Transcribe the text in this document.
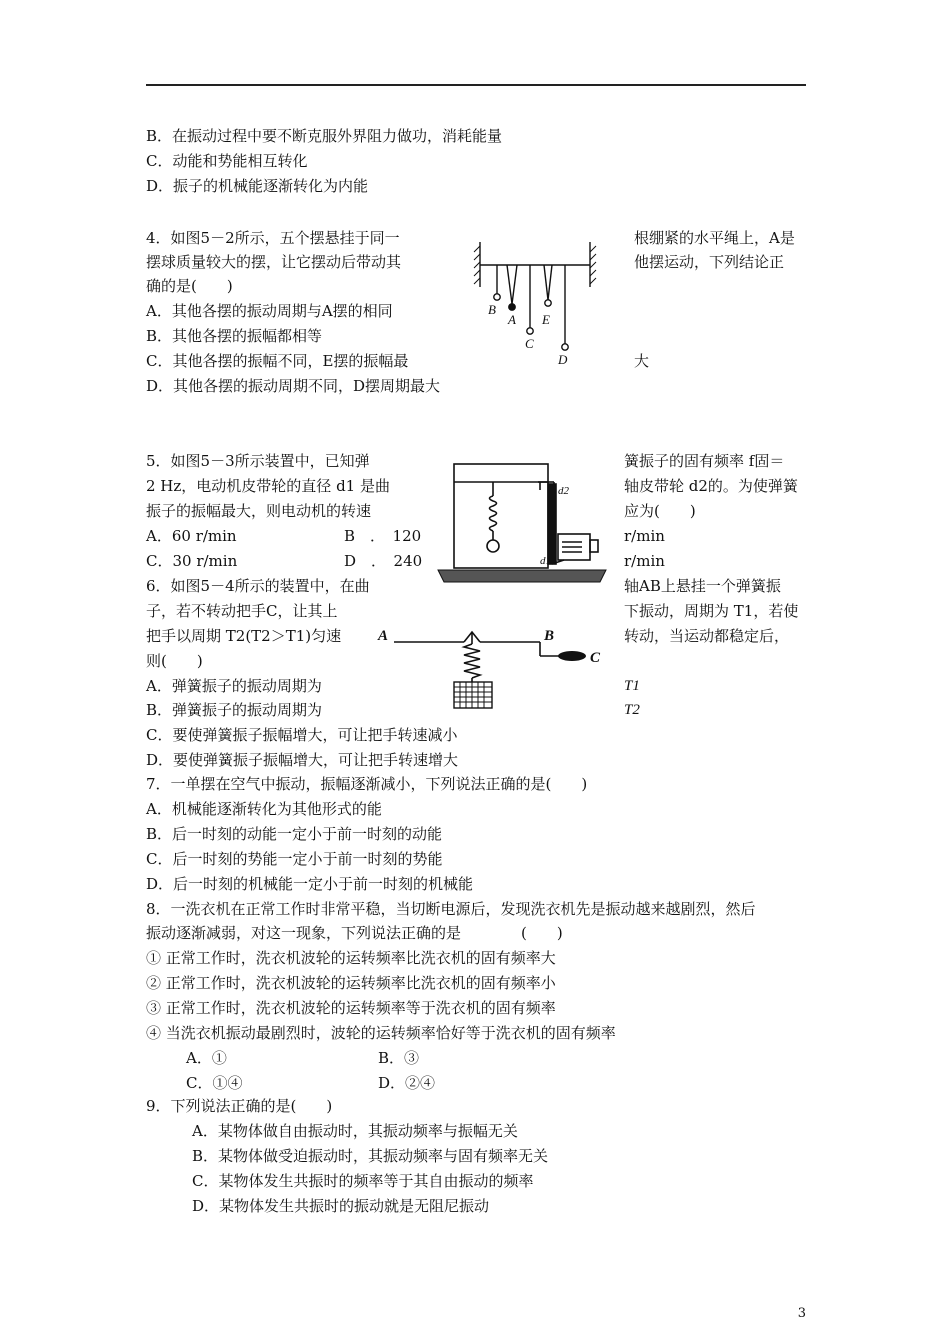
B．在振动过程中要不断克服外界阻力做功，消耗能量
C．动能和势能相互转化
D．振子的机械能逐渐转化为内能
4．如图5－2所示，五个摆悬挂于同一	根绷紧的水平绳上，A是
摆球质量较大的摆，让它摆动后带动其	他摆运动，下列结论正
确的是(　　)
A．其他各摆的振动周期与A摆的相同
B．其他各摆的振幅都相等
C．其他各摆的振幅不同，E摆的振幅最	大
D．其他各摆的振动周期不同，D摆周期最大
B
A E
C
D
5．如图5－3所示装置中，已知弹	簧振子的固有频率 f固＝
2 Hz，电动机皮带轮的直径 d1 是曲	轴皮带轮 d2的。为使弹簧
振子的振幅最大，则电动机的转速	应为(　　)
A．60 r/min	B　．　120	r/min
C．30 r/min	D　．　240	r/min
d2
d1
6．如图5－4所示的装置中，在曲	轴AB上悬挂一个弹簧振
子，若不转动把手C，让其上	下振动，周期为 T1，若使
把手以周期 T2(T2＞T1)匀速	转动，当运动都稳定后，
则(　　)
A．弹簧振子的振动周期为	T1
B．弹簧振子的振动周期为	T2
C．要使弹簧振子振幅增大，可让把手转速减小
D．要使弹簧振子振幅增大，可让把手转速增大
A	B
C
7．一单摆在空气中振动，振幅逐渐减小，下列说法正确的是(　　)
A．机械能逐渐转化为其他形式的能
B．后一时刻的动能一定小于前一时刻的动能
C．后一时刻的势能一定小于前一时刻的势能
D．后一时刻的机械能一定小于前一时刻的机械能
8．一洗衣机在正常工作时非常平稳，当切断电源后，发现洗衣机先是振动越来越剧烈，然后
振动逐渐减弱，对这一现象，下列说法正确的是　　　　(　　)
① 正常工作时，洗衣机波轮的运转频率比洗衣机的固有频率大
② 正常工作时，洗衣机波轮的运转频率比洗衣机的固有频率小
③ 正常工作时，洗衣机波轮的运转频率等于洗衣机的固有频率
④ 当洗衣机振动最剧烈时，波轮的运转频率恰好等于洗衣机的固有频率
A．①	B．③
C．①④	D．②④
9．下列说法正确的是(　　)
A．某物体做自由振动时，其振动频率与振幅无关
B．某物体做受迫振动时，其振动频率与固有频率无关
C．某物体发生共振时的频率等于其自由振动的频率
D．某物体发生共振时的振动就是无阻尼振动
3
